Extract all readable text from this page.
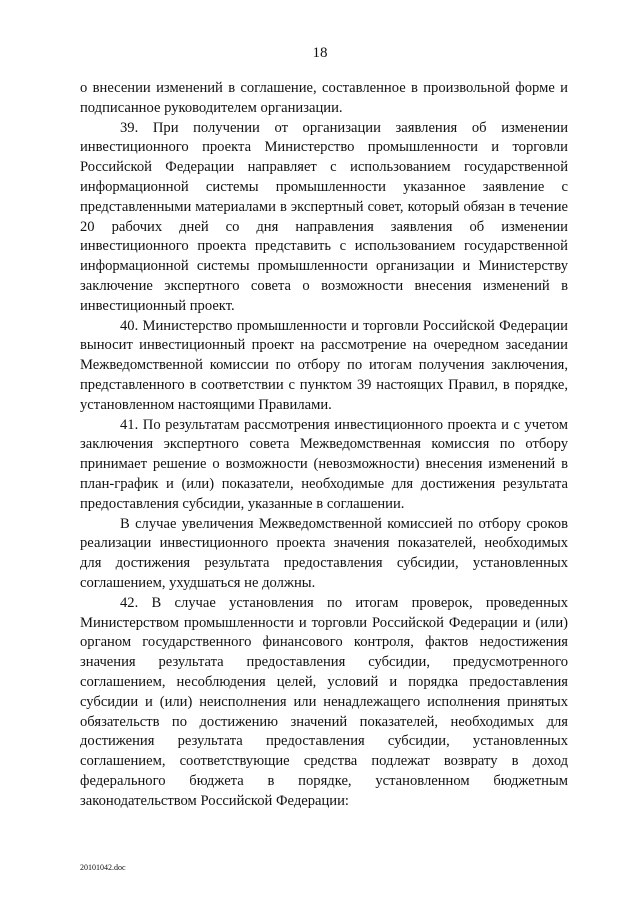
18

о внесении изменений в соглашение, составленное в произвольной форме и подписанное руководителем организации.

39. При получении от организации заявления об изменении инвестиционного проекта Министерство промышленности и торговли Российской Федерации направляет с использованием государственной информационной системы промышленности указанное заявление с представленными материалами в экспертный совет, который обязан в течение 20 рабочих дней со дня направления заявления об изменении инвестиционного проекта представить с использованием государственной информационной системы промышленности организации и Министерству заключение экспертного совета о возможности внесения изменений в инвестиционный проект.

40. Министерство промышленности и торговли Российской Федерации выносит инвестиционный проект на рассмотрение на очередном заседании Межведомственной комиссии по отбору по итогам получения заключения, представленного в соответствии с пунктом 39 настоящих Правил, в порядке, установленном настоящими Правилами.

41. По результатам рассмотрения инвестиционного проекта и с учетом заключения экспертного совета Межведомственная комиссия по отбору принимает решение о возможности (невозможности) внесения изменений в план-график и (или) показатели, необходимые для достижения результата предоставления субсидии, указанные в соглашении.

В случае увеличения Межведомственной комиссией по отбору сроков реализации инвестиционного проекта значения показателей, необходимых для достижения результата предоставления субсидии, установленных соглашением, ухудшаться не должны.

42. В случае установления по итогам проверок, проведенных Министерством промышленности и торговли Российской Федерации и (или) органом государственного финансового контроля, фактов недостижения значения результата предоставления субсидии, предусмотренного соглашением, несоблюдения целей, условий и порядка предоставления субсидии и (или) неисполнения или ненадлежащего исполнения принятых обязательств по достижению значений показателей, необходимых для достижения результата предоставления субсидии, установленных соглашением, соответствующие средства подлежат возврату в доход федерального бюджета в порядке, установленном бюджетным законодательством Российской Федерации:

20101042.doc
